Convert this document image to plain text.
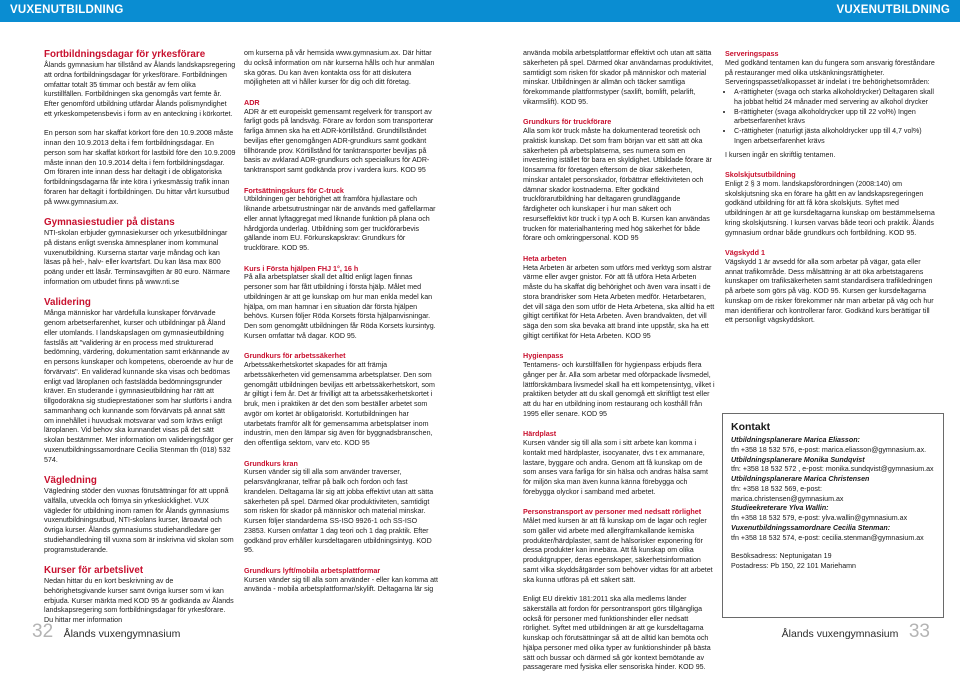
VUXENUTBILDNING	VUXENUTBILDNING
Fortbildningsdagar för yrkesförare

Ålands gymnasium har tillstånd av Ålands landskapsregering att ordna fortbildningsdagar för yrkesförare. Fortbildningen omfattar totalt 35 timmar och består av fem olika kurstillfällen. Fortbildningen ska genomgås vart femte år. Efter genomförd utbildning utfärdar Ålands polismyndighet ett yrkeskompetensbevis i form av en anteckning i körkortet.

En person som har skaffat körkort före den 10.9.2008 måste innan den 10.9.2013 delta i fem fortbildningsdagar. En person som har skaffat körkort för lastbild före den 10.9.2009 måste innan den 10.9.2014 delta i fem fortbildningsdagar. Om föraren inte innan dess har deltagit i de obligatoriska fortbildningsdagarna får inte köra i yrkesmässig trafik innan föraren har deltagit i fortbildningen. Du hittar vårt kursutbud på www.gymnasium.ax.

Gymnasiestudier på distans

NTI-skolan erbjuder gymnasiekurser och yrkesutbildningar på distans enligt svenska ämnesplaner inom kommunal vuxenutbildning. Kurserna startar varje måndag och kan läsas på hel-, halv- eller kvartsfart. Du kan läsa max 800 poäng under ett läsår. Terminsavgiften är 80 euro. Närmare information om utbudet finns på www.nti.se

Validering

Många människor har värdefulla kunskaper förvärvade genom arbetserfarenhet, kurser och utbildningar på Åland eller utomlands. I landskapslagen om gymnasieutbildning fastslås att "validering är en process med strukturerad bedömning, värdering, dokumentation samt erkännande av en persons kunskaper och kompetens, oberoende av hur de förvärvats". En validerad kunnande ska visas och bedömas enligt vad läroplanen och fastslädda bedömningsgrunder kräver. En studerande i gymnasieutbildning har rätt att tillgodoräkna sig studieprestationer som har slutförts i andra sammanhang och kunnande som förvärvats på annat sätt om innehållet i huvudsak motsvarar vad som krävs enligt läroplanen. Vid behov ska kunnandet visas på det sätt skolan bestämmer. Mer information om valideringsfrågor ger vuxenutbildningssamordnare Cecilia Stenman tfn (018) 532 574.

Vägledning

Vägledning stöder den vuxnas förutsättningar för att uppnå välfälla, utveckla och förnya sin yrkeskicklighet. VUX vägleder för utbildning inom ramen för Ålands gymnasiums vuxenutbildningsutbud, NTI-skolans kurser, läroavtal och övriga kurser. Ålands gymnasiums studiehandledare ger studiehandledning till vuxna som är inskrivna vid skolan som programstuderande.

Kurser för arbetslivet

Nedan hittar du en kort beskrivning av de behörighetsgivande kurser samt övriga kurser som vi kan erbjuda. Kurser märkta med KOD 95 är godkända av Ålands landskapsregering som fortbildningsdagar för yrkesförare. Du hittar mer information

om kurserna på vår hemsida www.gymnasium.ax. Där hittar du också information om när kurserna hålls och hur anmälan ska göras. Du kan även kontakta oss för att diskutera möjligheten att vi håller kurser för dig och ditt företag.

ADR

ADR är ett europeiskt gemensamt regelverk för transport av farligt gods på landsväg. Förare av fordon som transporterar farliga ämnen ska ha ett ADR-körtillstånd. Grundtillståndet beviljas efter genomgången ADR-grundkurs samt godkänt tillhörande prov. Körtillstånd för tanktransporter beviljas på basis av avklarad ADR-grundkurs och specialkurs för ADR-tanktransport samt godkända prov i vardera kurs. KOD 95

Fortsättningskurs för C-truck

Utbildningen ger behörighet att framföra hjullastare och liknande arbetsutrustningar när de används med gaffellarmar eller annat lyftaggregat med liknande funktion på plana och hårdgjorda underlag. Utbildning som ger truckförarbevis gällande inom EU. Förkunskapskrav: Grundkurs för truckförare. KOD 95.

Kurs i Första hjälpen FHJ 1°, 16 h

På alla arbetsplatser skall det alltid enligt lagen finnas personer som har fått utbildning i första hjälp. Målet med utbildningen är att ge kunskap om hur man enkla medel kan hjälpa, om man hamnar i en situation där första hjälpen behövs. Kursen följer Röda Korsets första hjälpanvisningar. Den som genomgått utbildningen får Röda Korsets kursintyg. Kursen omfattar två dagar. KOD 95.

Grundkurs för arbetssäkerhet

Arbetssäkerhetskortet skapades för att främja arbetssäkerheten vid gemensamma arbetsplatser. Den som genomgått utbildningen beviljas ett arbetssäkerhetskort, som är giltigt i fem år. Det är frivilligt att ta arbetssäkerhetskortet i bruk, men i praktiken är det den som beställer arbetet som avgör om kortet är obligatoriskt. Kortutbildningen har utarbetats framför allt för gemensamma arbetsplatser inom industrin, men den lämpar sig även för byggnadsbranschen, den offentliga sektorn, varv etc. KOD 95

Grundkurs kran

Kursen vänder sig till alla som använder traverser, pelarsvängkranar, telfrar på balk och fordon och fast krandelen. Deltagarna lär sig att jobba effektivt utan att sätta säkerheten på spel. Därmed ökar produktiviteten, samtidigt som risken för skador på människor och material minskar. Kursen följer standarderna SS-ISO 9926-1 och SS-ISO 23853. Kursen omfattar 1 dag teori och 1 dag praktik. Efter godkänd prov erhåller kursdeltagaren utbildningsintyg. KOD 95.

Grundkurs lyft/mobila arbetsplattformar

Kursen vänder sig till alla som använder - eller kan komma att använda - mobila arbetsplattformar/skylift. Deltagarna lär sig

använda mobila arbetsplattformar effektivt och utan att sätta säkerheten på spel. Därmed ökar användarnas produktivitet, samtidigt som risken för skador på människor och material minskar. Utbildningen är allmän och täcker samtliga förekommande plattformstyper (saxlift, bomlift, pelarlift, vikarmslift). KOD 95.

Grundkurs för truckförare

Alla som kör truck måste ha dokumenterad teoretisk och praktisk kunskap. Det som fram början var ett sätt att öka säkerheten på arbetsplatserna, ses numera som en investering istället för bara en skyldighet. Utbildade förare är lönsamma för företagen eftersom de ökar säkerheten, minskar antalet personskador, förbättrar effektiviteten och dämnar skador kostnaderna. Efter godkänd truckförarutbildning har deltagaren grundläggande färdigheter och kunskaper i hur man säkert och resurseffektivt kör truck i typ A och B. Kursen kan användas trucken för materialhantering med hög säkerhet för både förare och omkringpersonal. KOD 95

Heta arbeten

Heta Arbeten är arbeten som utförs med verktyg som alstrar värme eller avger gnistor. För att få utföra Heta Arbeten måste du ha skaffat dig behörighet och även vara insatt i de stora brandrisker som Heta Arbeten medför. Hetarbetaren, det vill säga den som utför de Heta Arbetena, ska alltid ha ett giltigt certifikat för Heta Arbeten. Även brandvakten, det vill säga den som ska bevaka att brand inte uppstår, ska ha ett giltigt certifikat för Heta Arbeten. KOD 95

Hygienpass

Tentamens- och kurstillfällen för hygienpass erbjuds flera gånger per år. Alla som arbetar med oförpackade livsmedel, lättförskämbara livsmedel skall ha ett kompetensintyg, vilket i praktiken betyder att du skall genomgå ett skriftligt test eller att du har en utbildning inom restaurang och kosthåll från 1995 eller senare. KOD 95

Härdplast

Kursen vänder sig till alla som i sitt arbete kan komma i kontakt med härdplaster, isocyanater, dvs t ex ammanare, lastare, byggare och andra. Genom att få kunskap om de som anses vara farliga för sin hälsa och andras hälsa samt för miljön ska man även kunna känna förebygga och förebygga olyckor i samband med arbetet.

Personstransport av personer med nedsatt rörlighet

Målet med kursen är att få kunskap om de lagar och regler som gäller vid arbete med allergiframkallande kemiska produkter/härdplaster, samt de hälsorisker exponering för dessa produkter kan innebära. Att få kunskap om olika produktgrupper, deras egenskaper, säkerhetsinformation samt vilka skyddsåtgärder som behöver vidtas för att arbetet ska kunna utföras på ett säkert sätt.

Enligt EU direktiv 181:2011 ska alla medlems länder säkerställa att fordon för persontransport görs tillgängliga också för personer med funktionshinder eller nedsatt rörlighet. Syftet med utbildningen är att ge kursdeltagarna kunskap och förutsättningar så att de alltid kan bemöta och hjälpa personer med olika typer av funktionshinder på bästa sätt och bussar och därmed så gör kontext bemötande av passagerare med fysiska eller sensoriska hinder. KOD 95.

Serveringspass

Med godkänd tentamen kan du fungera som ansvarig föreståndare på restauranger med olika utskänkningsrättigheter. Serveringspasset/alkopasset är indelat i tre behörighetsområden:

• A-rättigheter (svaga och starka alkoholdrycker) Deltagaren skall ha jobbat heltid 24 månader med servering av alkohol drycker
• B-rättigheter (svaga alkoholdrycker upp till 22 vol%) Ingen arbetserfarenhet krävs
• C-rättigheter (naturligt jästa alkoholdrycker upp till 4,7 vol%) Ingen arbetserfarenhet krävs

I kursen ingår en skriftlig tentamen.

Skolskjutsutbildning

Enligt 2 § 3 mom. landskapsförordningen (2008:140) om skolskjutsning ska en förare ha gått en av landskapsregeringen godkänd utbildning för att få köra skolskjuts. Syftet med utbildningen är att ge kursdeltagarna kunskap om bestämmelserna kring skolskjutsning. I kursen varvas både teori och praktik. Ålands gymnasium ordnar både grundkurs och fortbildning. KOD 95.

Vägskydd 1

Vägskydd 1 är avsedd för alla som arbetar på vägar, gata eller annat trafikområde. Dess målsättning är att öka arbetstagarens kunskaper om trafiksäkerheten samt standardisera trafikledningen på arbete som görs på väg. KOD 95. Kursen ger kursdeltagarna kunskap om de risker förekommer när man arbetar på väg och hur man identifierar och kontrollerar faror. Godkänd kurs berättigar till ett personligt vägskyddskort.

Kontakt
Utbildningsplanerare Marica Eliasson:
tfn +358 18 532 576, e-post: marica.eliasson@gymnasium.ax.
Utbildningsplanerare Monika Sundqvist
tfn: +358 18 532 572 , e-post: monika.sundqvist@gymnasium.ax
Utbildningsplanerare Marica Christensen
tfn: +358 18 532 569, e-post: marica.christensen@gymnasium.ax
Studieekreterare Ylva Wallin:
tfn +358 18 532 579, e-post: ylva.wallin@gymnasium.ax
Vuxenutbildningssamordnare Cecilia Stenman:
tfn +358 18 532 574, e-post: cecilia.stenman@gymnasium.ax
Besöksadress: Neptunigatan 19
Postadress: Pb 150, 22 101 Mariehamn
32 Ålands vuxengymnasium	Ålands vuxengymnasium 33
